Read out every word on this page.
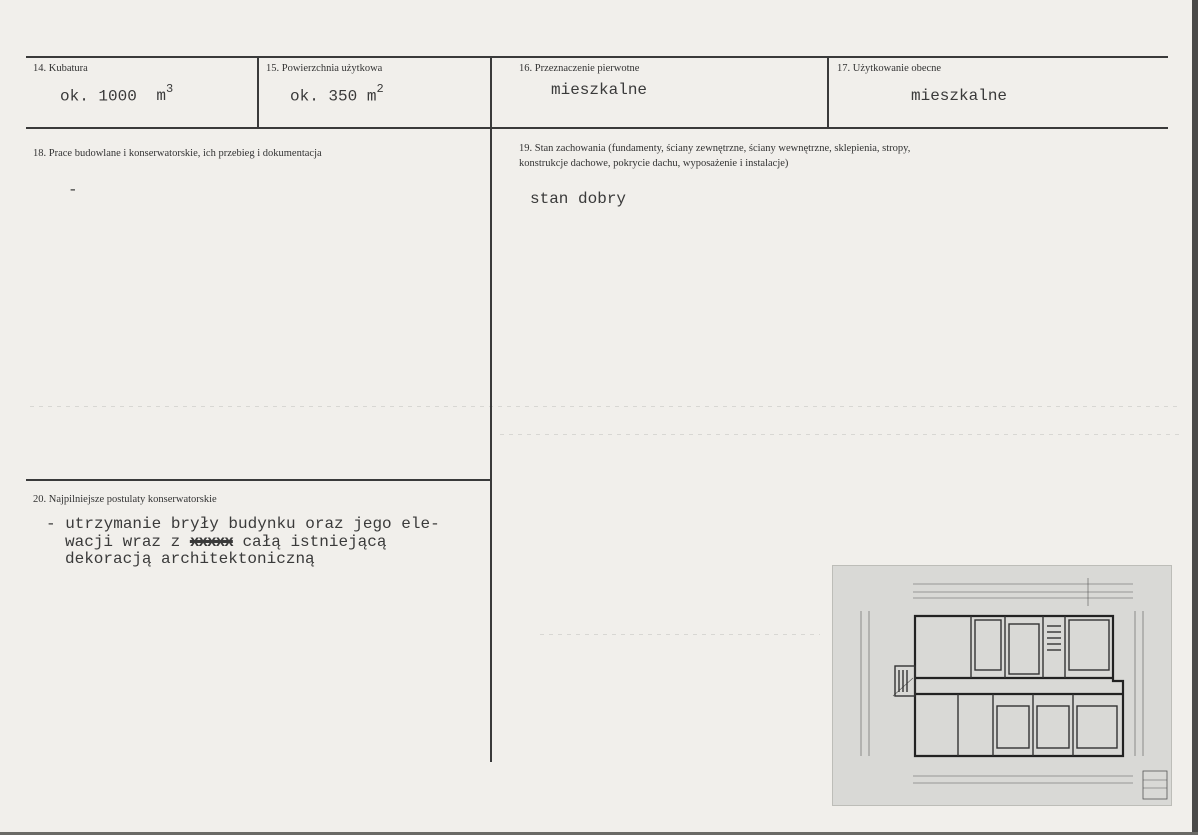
14. Kubatura
ok. 1000 $m^3$
15. Powierzchnia użytkowa
ok. 350 $m^2$
16. Przeznaczenie pierwotne
mieszkalne
17. Użytkowanie obecne
mieszkalne
18. Prace budowlane i konserwatorskie, ich przebieg i dokumentacja
-
19. Stan zachowania (fundamenty, ściany zewnętrzne, ściany wewnętrzne, sklepienia, stropy,
konstrukcje dachowe, pokrycie dachu, wyposażenie i instalacje)
stan dobry
20. Najpilniejsze postulaty konserwatorskie
- utrzymanie bryły budynku oraz jego ele-
wacji wraz z xxxxx całą istniejącą
dekoracją architektoniczną
